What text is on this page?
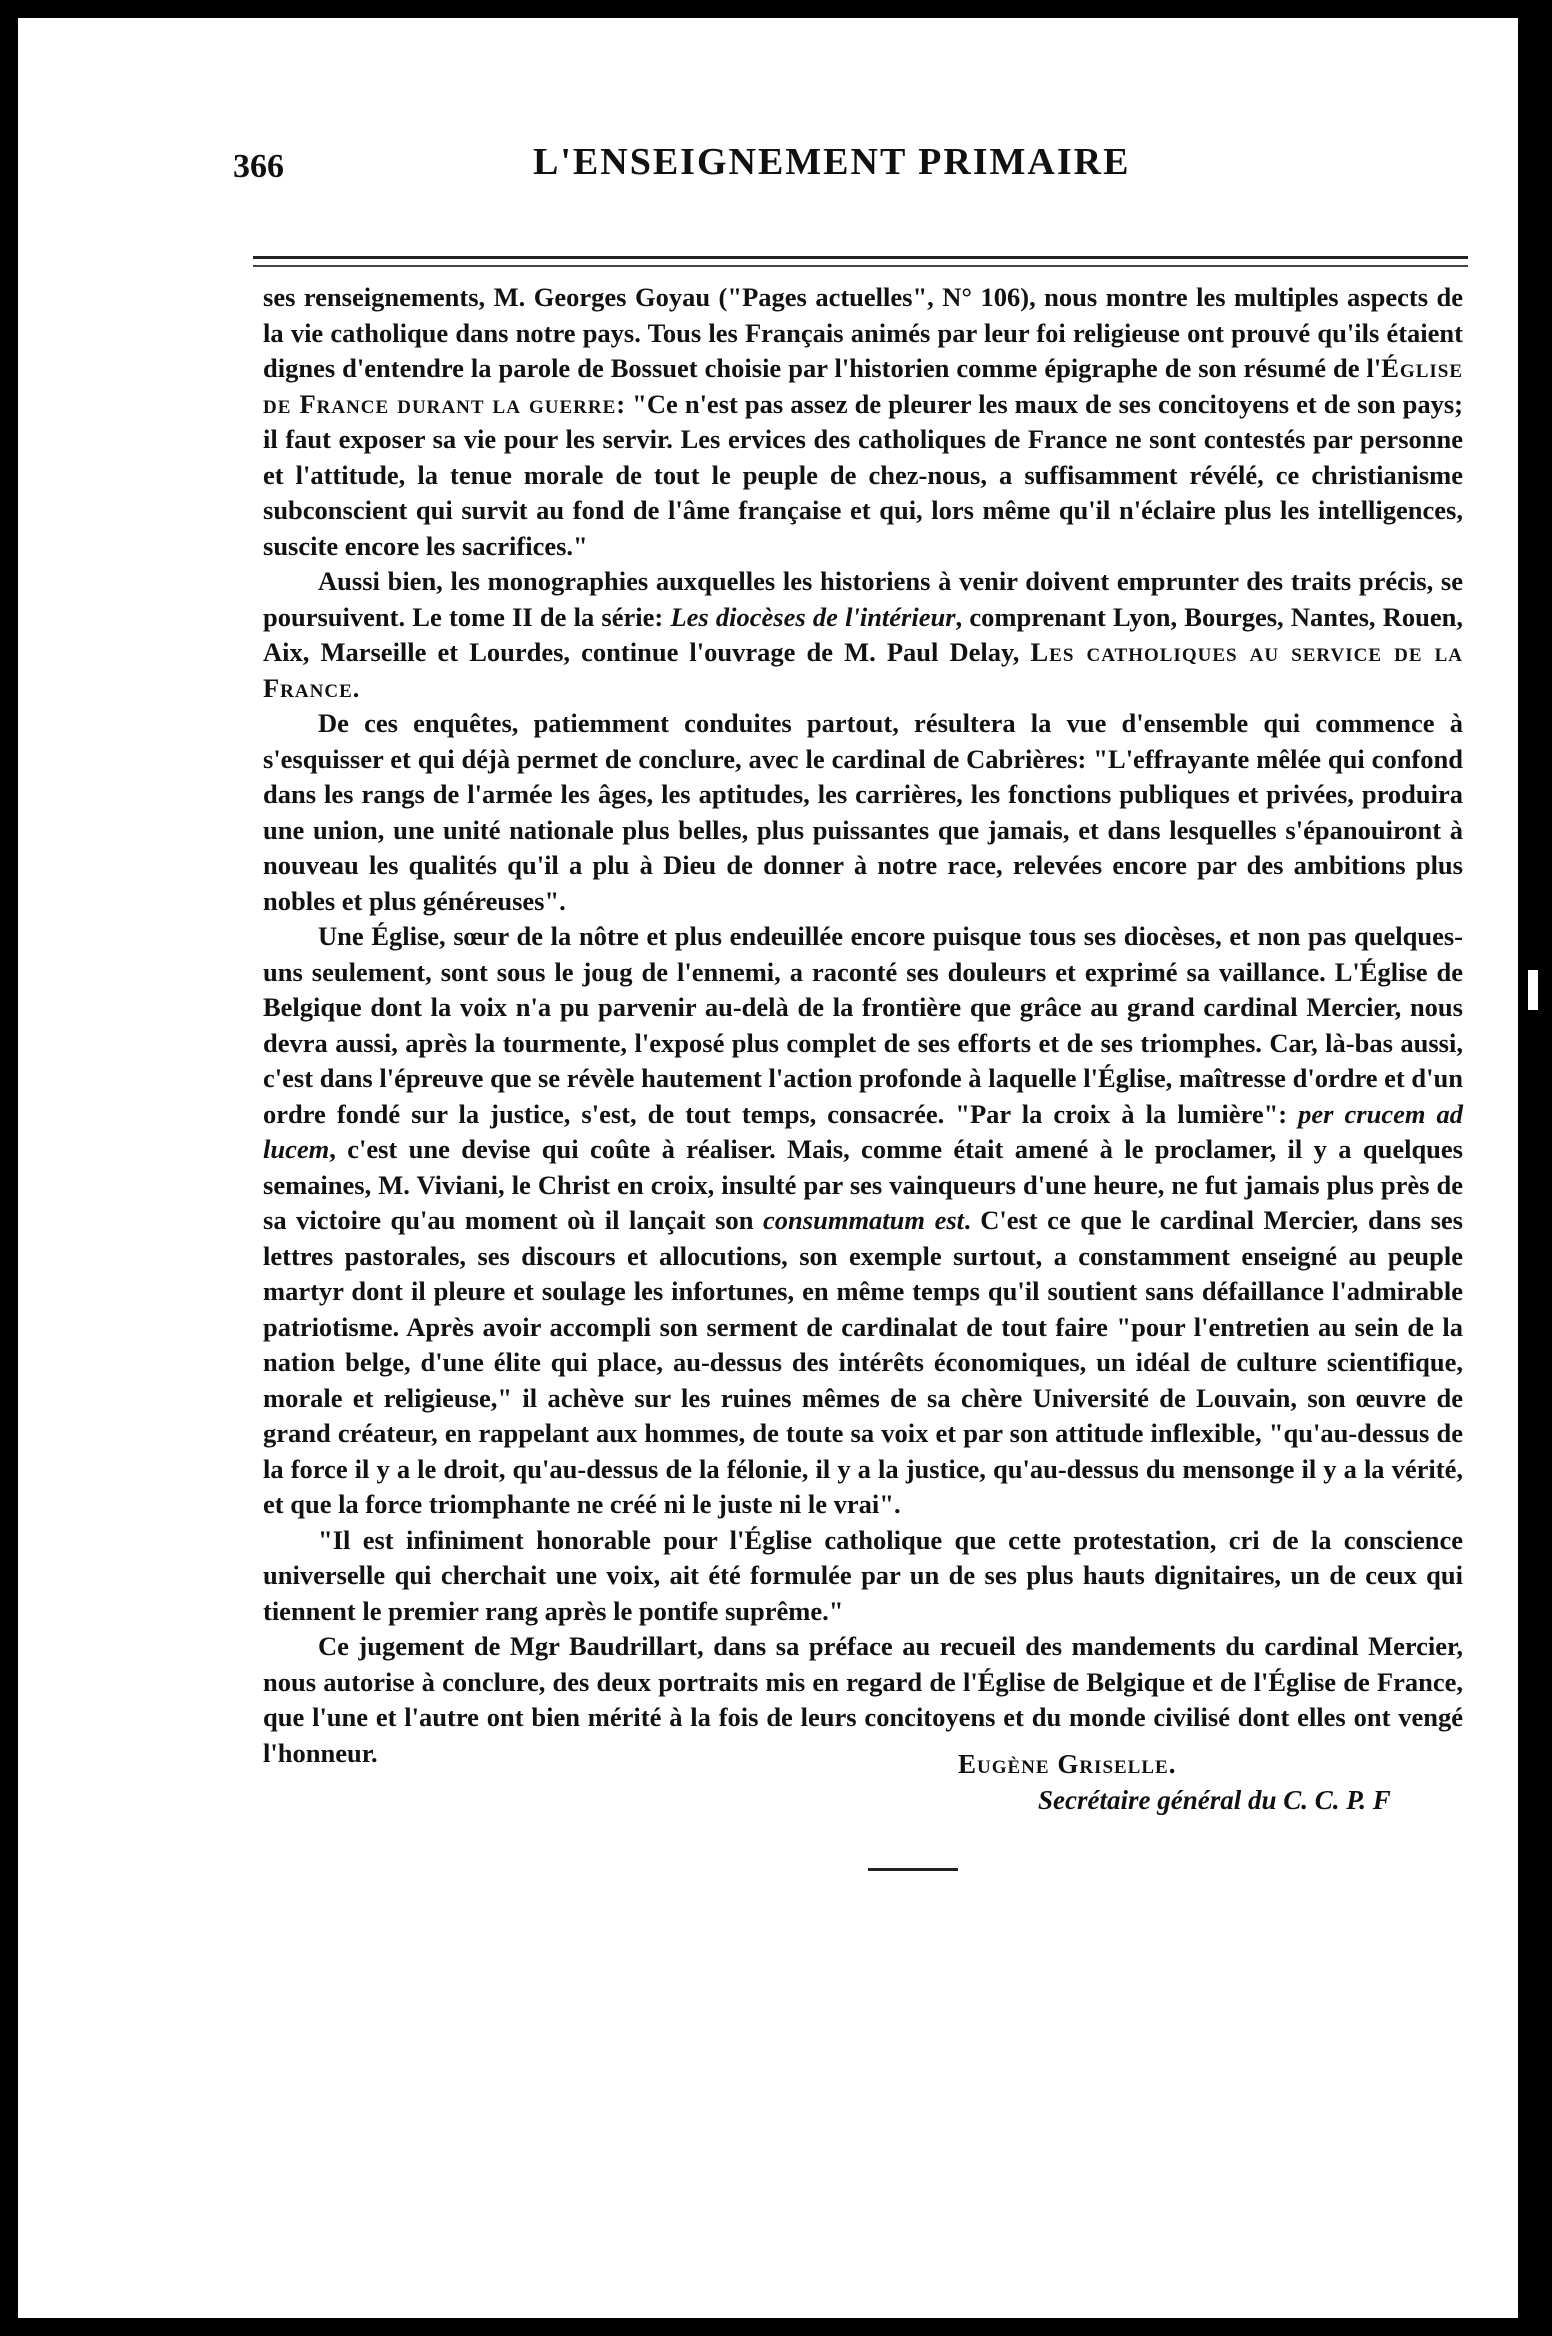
366	L'ENSEIGNEMENT PRIMAIRE

ses renseignements, M. Georges Goyau ("Pages actuelles", N° 106), nous montre les multiples aspects de la vie catholique dans notre pays. Tous les Français animés par leur foi religieuse ont prouvé qu'ils étaient dignes d'entendre la parole de Bossuet choisie par l'historien comme épigraphe de son résumé de l'Église de France durant la guerre: "Ce n'est pas assez de pleurer les maux de ses concitoyens et de son pays; il faut exposer sa vie pour les servir. Les ervices des catholiques de France ne sont contestés par personne et l'attitude, la tenue morale de tout le peuple de chez-nous, a suffisamment révélé, ce christianisme subconscient qui survit au fond de l'âme française et qui, lors même qu'il n'éclaire plus les intelligences, suscite encore les sacrifices."

Aussi bien, les monographies auxquelles les historiens à venir doivent emprunter des traits précis, se poursuivent. Le tome II de la série: Les diocèses de l'intérieur, comprenant Lyon, Bourges, Nantes, Rouen, Aix, Marseille et Lourdes, continue l'ouvrage de M. Paul Delay, Les catholiques au service de la France.

De ces enquêtes, patiemment conduites partout, résultera la vue d'ensemble qui commence à s'esquisser et qui déjà permet de conclure, avec le cardinal de Cabrières: "L'effrayante mêlée qui confond dans les rangs de l'armée les âges, les aptitudes, les carrières, les fonctions publiques et privées, produira une union, une unité nationale plus belles, plus puissantes que jamais, et dans lesquelles s'épanouiront à nouveau les qualités qu'il a plu à Dieu de donner à notre race, relevées encore par des ambitions plus nobles et plus généreuses".

Une Église, sœur de la nôtre et plus endeuillée encore puisque tous ses diocèses, et non pas quelques-uns seulement, sont sous le joug de l'ennemi, a raconté ses douleurs et exprimé sa vaillance. L'Église de Belgique dont la voix n'a pu parvenir au-delà de la frontière que grâce au grand cardinal Mercier, nous devra aussi, après la tourmente, l'exposé plus complet de ses efforts et de ses triomphes. Car, là-bas aussi, c'est dans l'épreuve que se révèle hautement l'action profonde à laquelle l'Église, maîtresse d'ordre et d'un ordre fondé sur la justice, s'est, de tout temps, consacrée. "Par la croix à la lumière": per crucem ad lucem, c'est une devise qui coûte à réaliser. Mais, comme était amené à le proclamer, il y a quelques semaines, M. Viviani, le Christ en croix, insulté par ses vainqueurs d'une heure, ne fut jamais plus près de sa victoire qu'au moment où il lançait son consummatum est. C'est ce que le cardinal Mercier, dans ses lettres pastorales, ses discours et allocutions, son exemple surtout, a constamment enseigné au peuple martyr dont il pleure et soulage les infortunes, en même temps qu'il soutient sans défaillance l'admirable patriotisme. Après avoir accompli son serment de cardinalat de tout faire "pour l'entretien au sein de la nation belge, d'une élite qui place, au-dessus des intérêts économiques, un idéal de culture scientifique, morale et religieuse," il achève sur les ruines mêmes de sa chère Université de Louvain, son œuvre de grand créateur, en rappelant aux hommes, de toute sa voix et par son attitude inflexible, "qu'au-dessus de la force il y a le droit, qu'au-dessus de la félonie, il y a la justice, qu'au-dessus du mensonge il y a la vérité, et que la force triomphante ne créé ni le juste ni le vrai".

"Il est infiniment honorable pour l'Église catholique que cette protestation, cri de la conscience universelle qui cherchait une voix, ait été formulée par un de ses plus hauts dignitaires, un de ceux qui tiennent le premier rang après le pontife suprême."

Ce jugement de Mgr Baudrillart, dans sa préface au recueil des mandements du cardinal Mercier, nous autorise à conclure, des deux portraits mis en regard de l'Église de Belgique et de l'Église de France, que l'une et l'autre ont bien mérité à la fois de leurs concitoyens et du monde civilisé dont elles ont vengé l'honneur.	Eugène Griselle.
Secrétaire général du C. C. P. F
